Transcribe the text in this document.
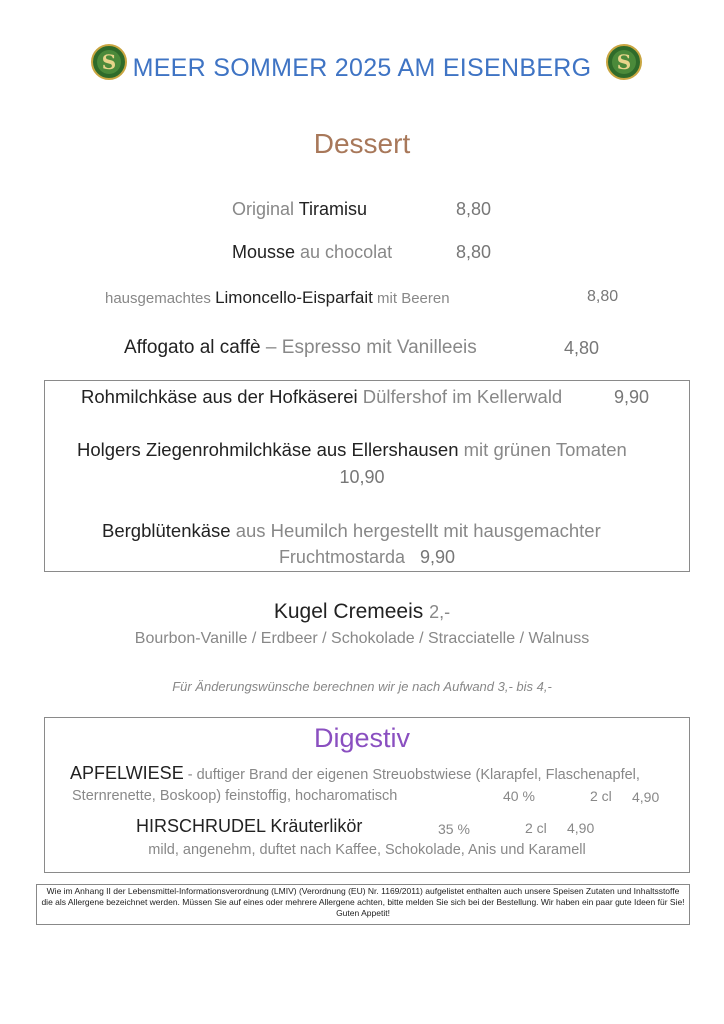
S MEER SOMMER 2025 AM EISENBERG	S
Dessert
Original Tiramisu	8,80
Mousse au chocolat	8,80
hausgemachtes Limoncello-Eisparfait mit Beeren	8,80
Affogato al caffè – Espresso mit Vanilleeis	4,80
Rohmilchkäse aus der Hofkäserei Dülfershof im Kellerwald	9,90
Holgers Ziegenrohmilchkäse aus Ellershausen mit grünen Tomaten
10,90
Bergblütenkäse aus Heumilch hergestellt mit hausgemachter
Fruchtmostarda 9,90
Kugel Cremeeis 2,-
Bourbon-Vanille / Erdbeer / Schokolade / Stracciatelle / Walnuss
Für Änderungswünsche berechnen wir je nach Aufwand 3,- bis 4,-
Digestiv
APFELWIESE - duftiger Brand der eigenen Streuobstwiese (Klarapfel, Flaschenapfel,
Sternrenette, Boskoop) feinstoffig, hocharomatisch	40 %	2 cl 4,90
HIRSCHRUDEL Kräuterlikör	35 %	2 cl 4,90
mild, angenehm, duftet nach Kaffee, Schokolade, Anis und Karamell
Wie im Anhang II der Lebensmittel-Informationsverordnung (LMIV) (Verordnung (EU) Nr. 1169/2011) aufgelistet enthalten auch unsere Speisen Zutaten und Inhaltsstoffe die als Allergene bezeichnet werden. Müssen Sie auf eines oder mehrere Allergene achten, bitte melden Sie sich bei der Bestellung. Wir haben ein paar gute Ideen für Sie! Guten Appetit!
